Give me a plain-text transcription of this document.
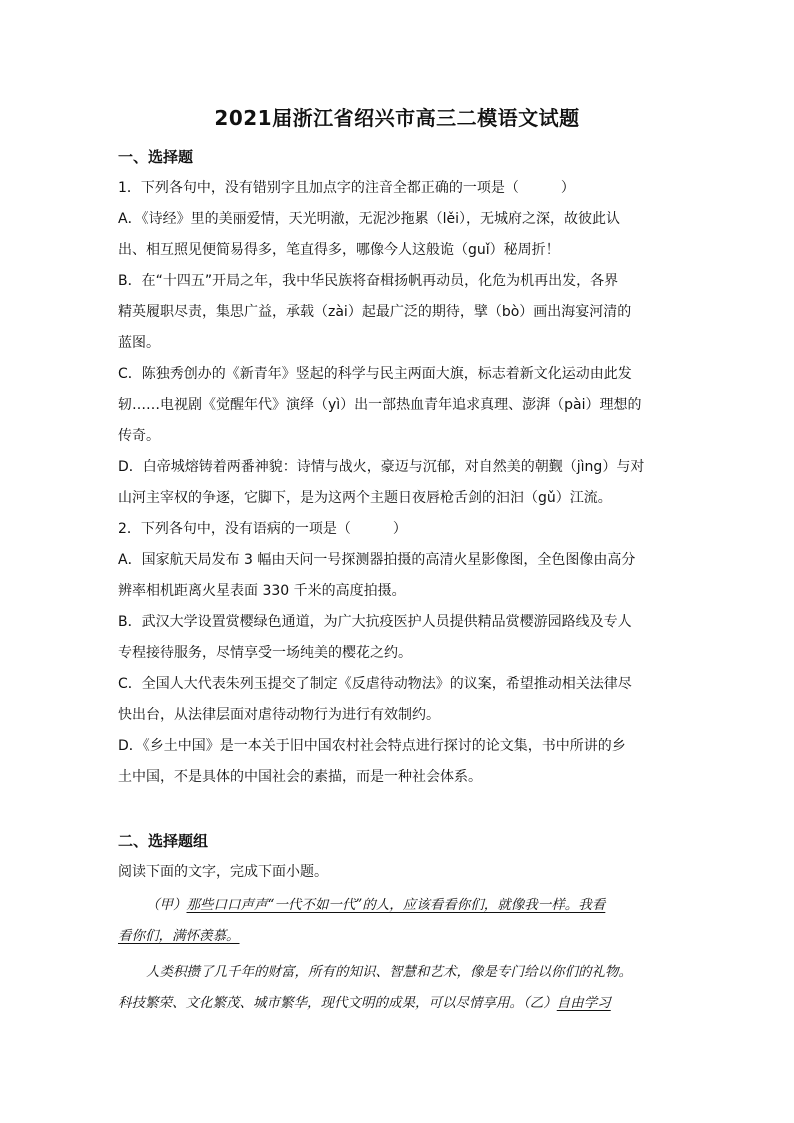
2021届浙江省绍兴市高三二模语文试题
一、选择题
1．下列各句中，没有错别字且加点字的注音全都正确的一项是（　　　）
A．《诗经》里的美丽爱情，天光明澈，无泥沙拖累（lěi），无城府之深，故彼此认
出、相互照见便简易得多，笔直得多，哪像今人这般诡（guǐ）秘周折！
B．在“十四五”开局之年，我中华民族将奋楫扬帆再动员，化危为机再出发，各界
精英履职尽责，集思广益，承载（zài）起最广泛的期待，擘（bò）画出海宴河清的
蓝图。
C．陈独秀创办的《新青年》竖起的科学与民主两面大旗，标志着新文化运动由此发
轫……电视剧《觉醒年代》演绎（yì）出一部热血青年追求真理、澎湃（pài）理想的
传奇。
D．白帝城熔铸着两番神貌：诗情与战火，豪迈与沉郁，对自然美的朝觐（jìng）与对
山河主宰权的争逐，它脚下，是为这两个主题日夜唇枪舌剑的汩汩（gǔ）江流。
2．下列各句中，没有语病的一项是（　　　）
A．国家航天局发布 3 幅由天问一号探测器拍摄的高清火星影像图，全色图像由高分
辨率相机距离火星表面 330 千米的高度拍摄。
B．武汉大学设置赏樱绿色通道，为广大抗疫医护人员提供精品赏樱游园路线及专人
专程接待服务，尽情享受一场纯美的樱花之约。
C．全国人大代表朱列玉提交了制定《反虐待动物法》的议案，希望推动相关法律尽
快出台，从法律层面对虐待动物行为进行有效制约。
D．《乡土中国》是一本关于旧中国农村社会特点进行探讨的论文集，书中所讲的乡
土中国，不是具体的中国社会的素描，而是一种社会体系。
二、选择题组
阅读下面的文字，完成下面小题。
（甲）那些口口声声“一代不如一代”的人，应该看看你们，就像我一样。我看
看你们，满怀羡慕。
人类积攒了几千年的财富，所有的知识、智慧和艺术，像是专门给以你们的礼物。
科技繁荣、文化繁茂、城市繁华，现代文明的成果，可以尽情享用。（乙）自由学习
